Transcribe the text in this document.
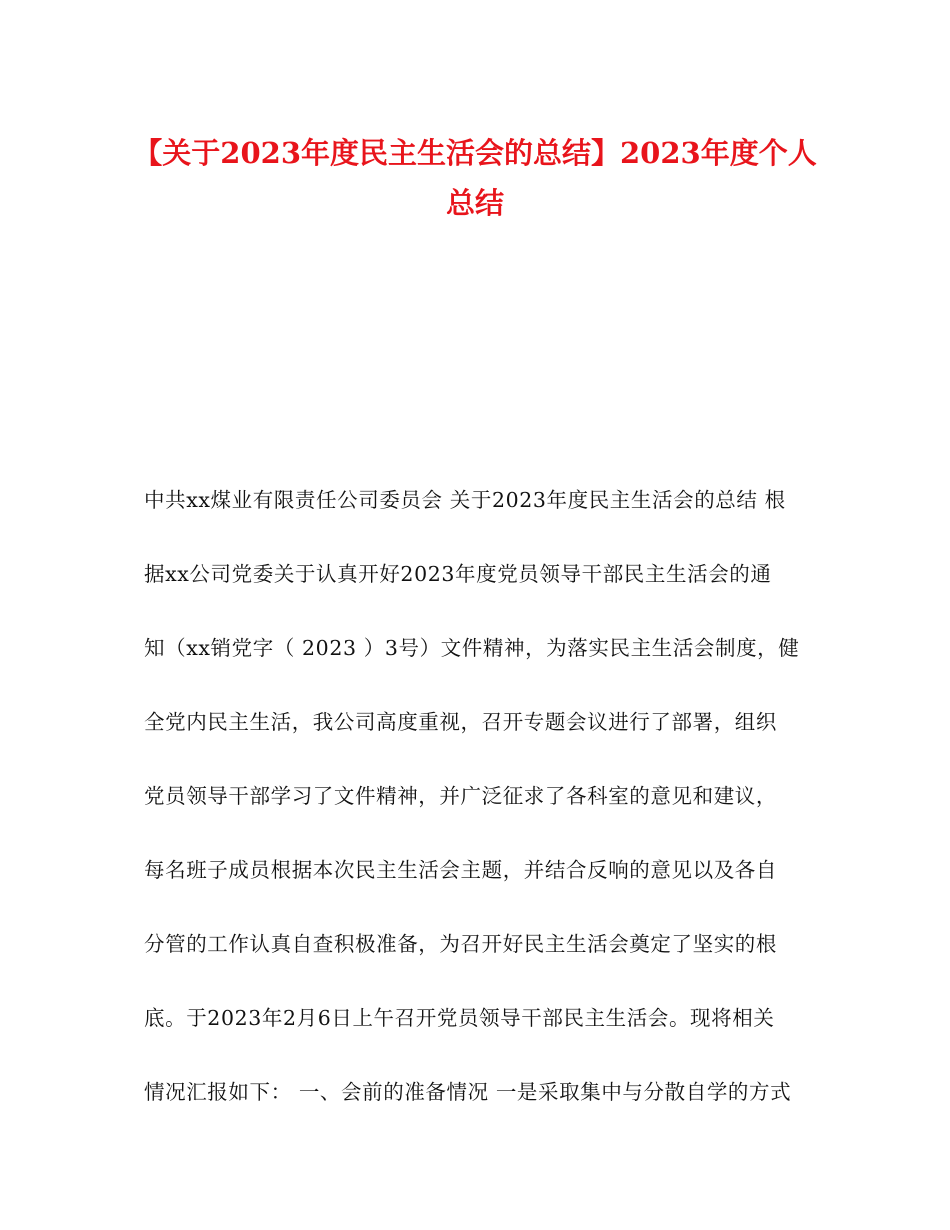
【关于2023年度民主生活会的总结】2023年度个人
总结
中共xx煤业有限责任公司委员会 关于2023年度民主生活会的总结 根
据xx公司党委关于认真开好2023年度党员领导干部民主生活会的通
知（xx销党字（ 2023 ）3号）文件精神，为落实民主生活会制度，健
全党内民主生活，我公司高度重视，召开专题会议进行了部署，组织
党员领导干部学习了文件精神，并广泛征求了各科室的意见和建议，
每名班子成员根据本次民主生活会主题，并结合反响的意见以及各自
分管的工作认真自查积极准备，为召开好民主生活会奠定了坚实的根
底。于2023年2月6日上午召开党员领导干部民主生活会。现将相关
情况汇报如下： 一、会前的准备情况 一是采取集中与分散自学的方式
